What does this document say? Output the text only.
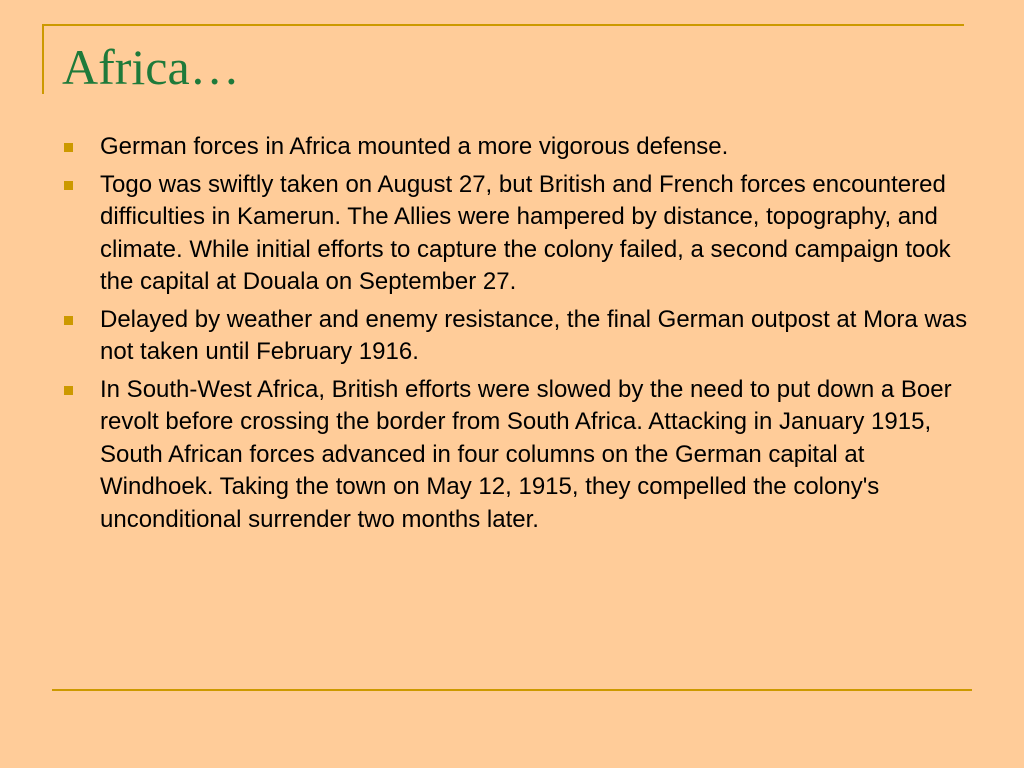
Africa…
German forces in Africa mounted a more vigorous defense.
Togo was swiftly taken on August 27, but British and French forces encountered difficulties in Kamerun. The Allies were hampered by distance, topography, and climate. While initial efforts to capture the colony failed, a second campaign took the capital at Douala on September 27.
Delayed by weather and enemy resistance, the final German outpost at Mora was not taken until February 1916.
In South-West Africa, British efforts were slowed by the need to put down a Boer revolt before crossing the border from South Africa. Attacking in January 1915, South African forces advanced in four columns on the German capital at Windhoek. Taking the town on May 12, 1915, they compelled the colony's unconditional surrender two months later.
